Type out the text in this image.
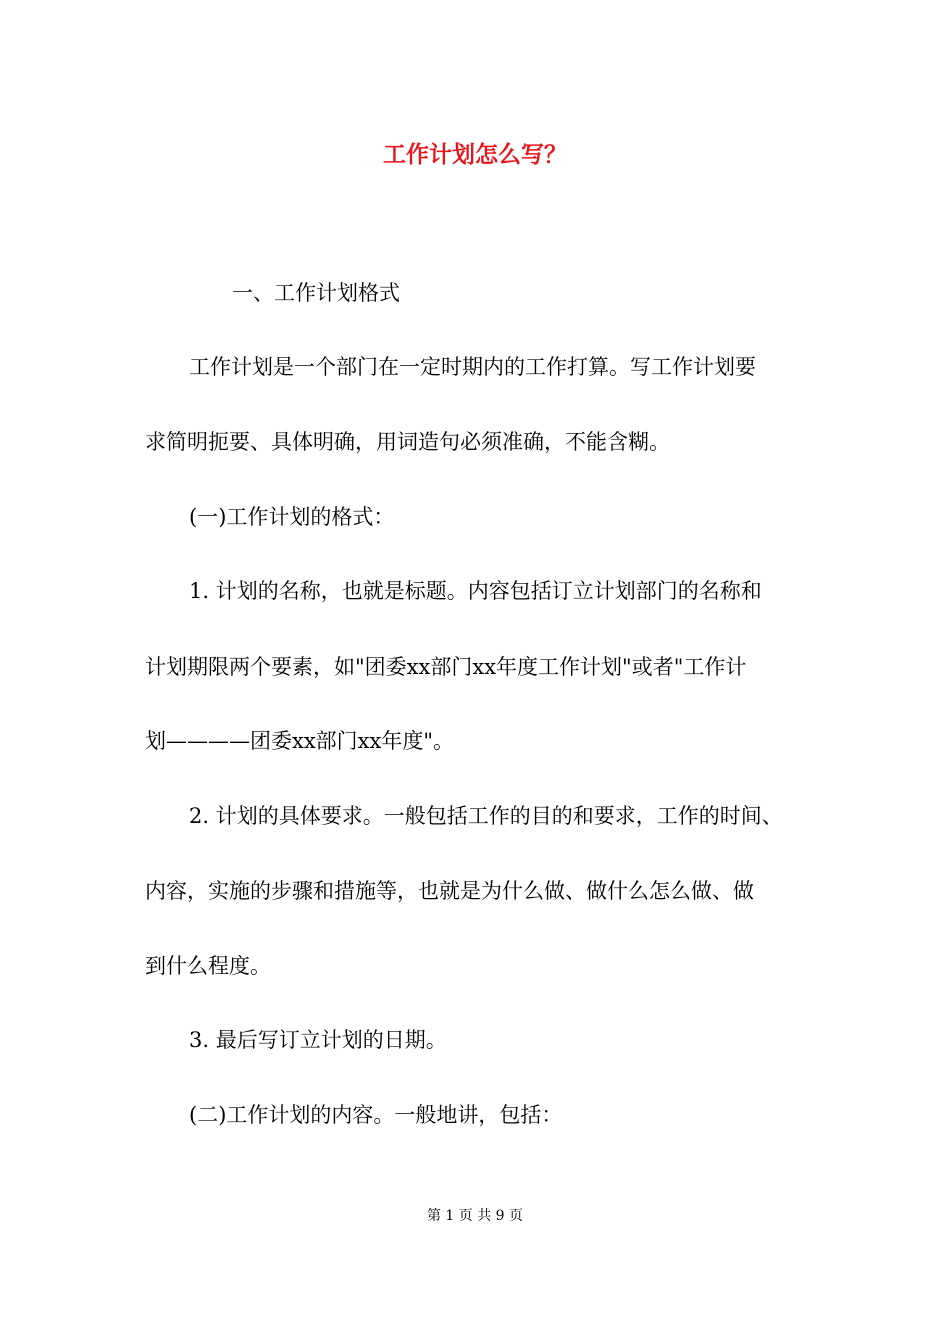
工作计划怎么写？
一、工作计划格式
工作计划是一个部门在一定时期内的工作打算。写工作计划要
求简明扼要、具体明确，用词造句必须准确，不能含糊。
(一)工作计划的格式：
1. 计划的名称，也就是标题。内容包括订立计划部门的名称和
计划期限两个要素，如"团委xx部门xx年度工作计划"或者"工作计
划————团委xx部门xx年度"。
2. 计划的具体要求。一般包括工作的目的和要求，工作的时间、
内容，实施的步骤和措施等，也就是为什么做、做什么怎么做、做
到什么程度。
3. 最后写订立计划的日期。
(二)工作计划的内容。一般地讲，包括：
第 1 页 共 9 页
